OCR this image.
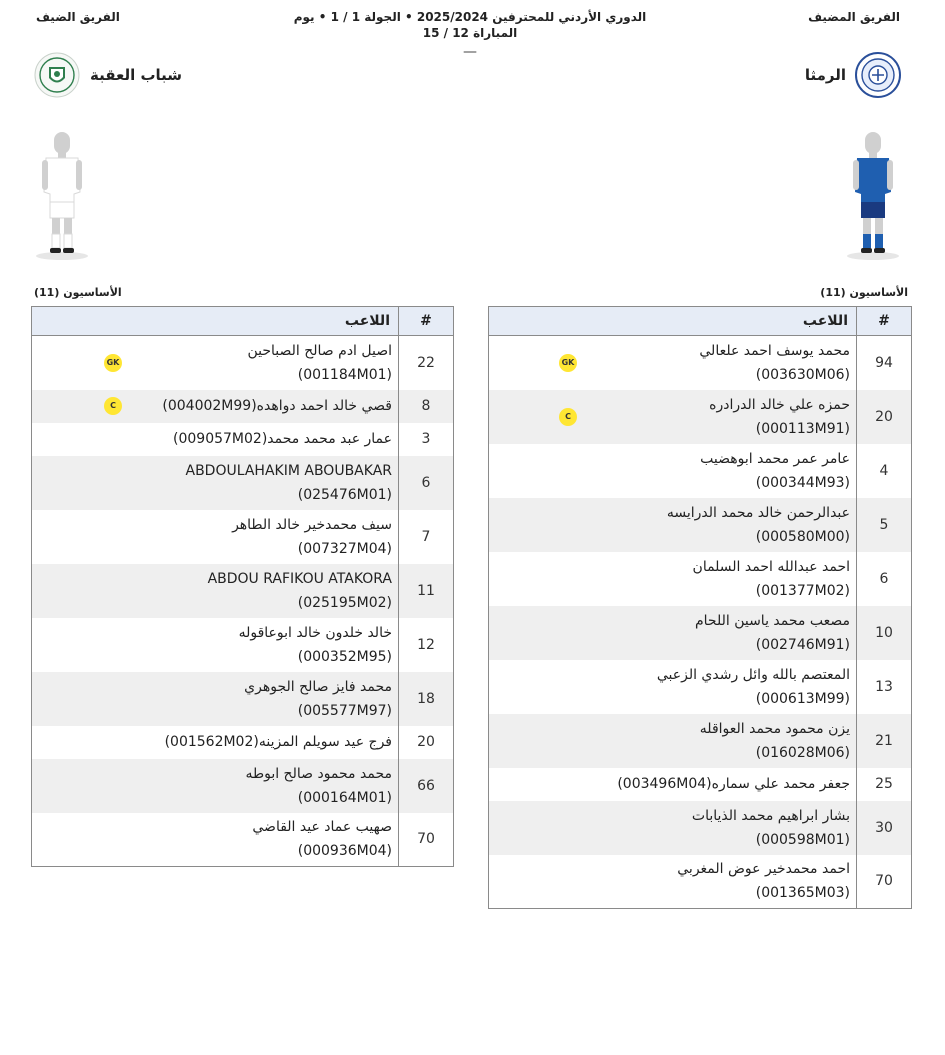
الفريق الضيف	الفريق المضيف
الدوري الأردني للمحترفين 2025/2024 • الجولة 1 / 1 • يوم
المباراة 12 / 15
—
شباب العقبة	الرمثا
الأساسيون (11)	الأساسيون (11)
#	اللاعب
22	اصيل ادم صالح الصباحين
(001184M01)
GK

8	قصي خالد احمد دواهده(004002M99)
C

3	عمار عبد محمد محمد(009057M02)

6	ABDOULAHAKIM ABOUBAKAR
(025476M01)

7	سيف محمدخير خالد الطاهر
(007327M04)

11	ABDOU RAFIKOU ATAKORA
(025195M02)

12	خالد خلدون خالد ابوعاقوله
(000352M95)

18	محمد فايز صالح الجوهري
(005577M97)

20	فرج عيد سويلم المزينه(001562M02)

66	محمد محمود صالح ابوطه
(000164M01)

70	صهيب عماد عيد القاضي
(000936M04)
#	اللاعب
94	محمد يوسف احمد علعالي
(003630M06)
GK

20	حمزه علي خالد الدرادره
(000113M91)
C

4	عامر عمر محمد ابوهضيب
(000344M93)

5	عبدالرحمن خالد محمد الدرايسه
(000580M00)

6	احمد عبدالله احمد السلمان
(001377M02)

10	مصعب محمد ياسين اللحام
(002746M91)

13	المعتصم بالله وائل رشدي الزعبي
(000613M99)

21	يزن محمود محمد العواقله
(016028M06)

25	جعفر محمد علي سماره(003496M04)

30	بشار ابراهيم محمد الذيابات
(000598M01)

70	احمد محمدخير عوض المغربي
(001365M03)
